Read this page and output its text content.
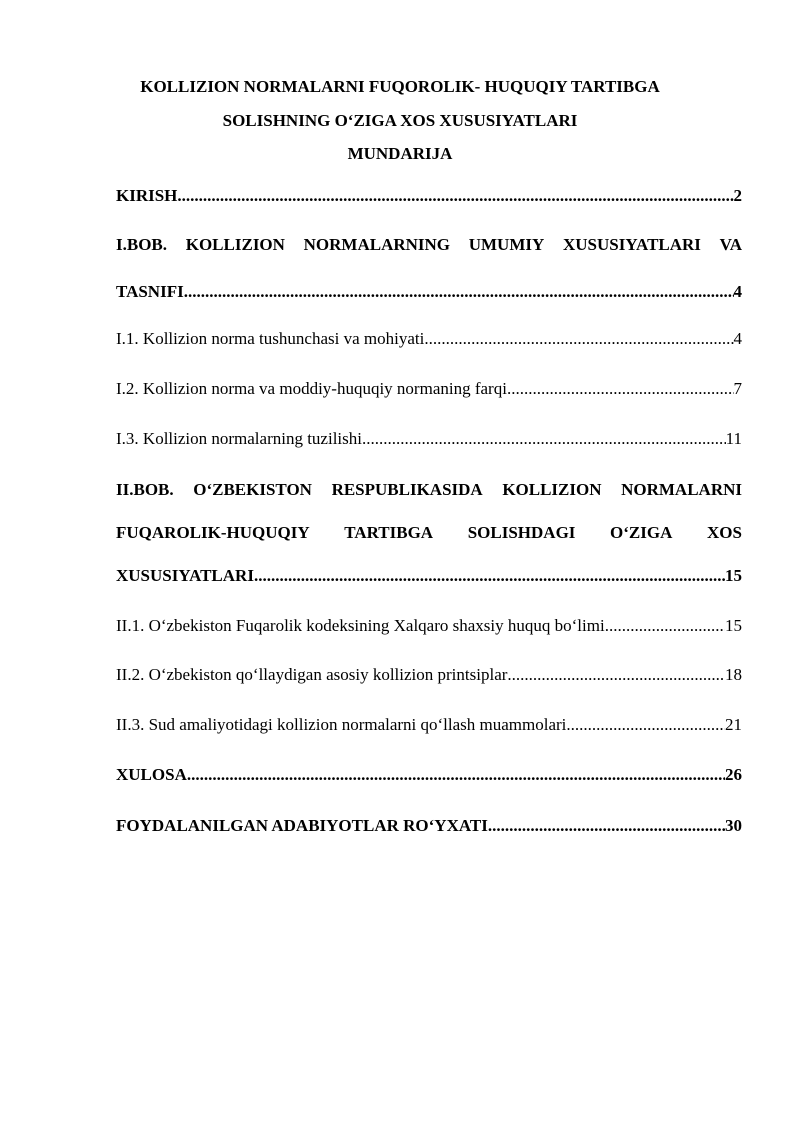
KOLLIZION NORMALARNI FUQOROLIK- HUQUQIY TARTIBGA
SOLISHNING O‘ZIGA XOS XUSUSIYATLARI
MUNDARIJA
KIRISH .....	2
I.BOB. KOLLIZION NORMALARNING UMUMIY XUSUSIYATLARI VA
TASNIFI .....	4
I.1. Kollizion norma tushunchasi va mohiyati .....	4
I.2. Kollizion norma va moddiy-huquqiy normaning farqi .....	7
I.3. Kollizion normalarning tuzilishi .....	11
II.BOB. O‘ZBEKISTON RESPUBLIKASIDA KOLLIZION NORMALARNI
FUQAROLIK-HUQUQIY TARTIBGA SOLISHDAGI O‘ZIGA XOS
XUSUSIYATLARI .....	15
II.1. O‘zbekiston Fuqarolik kodeksining Xalqaro shaxsiy huquq bo‘limi .....	15
II.2. O‘zbekiston qo‘llaydigan asosiy kollizion printsiplar .....	18
II.3. Sud amaliyotidagi kollizion normalarni qo‘llash muammolari .....	21
XULOSA .....	26
FOYDALANILGAN ADABIYOTLAR RO‘YXATI .....	30
